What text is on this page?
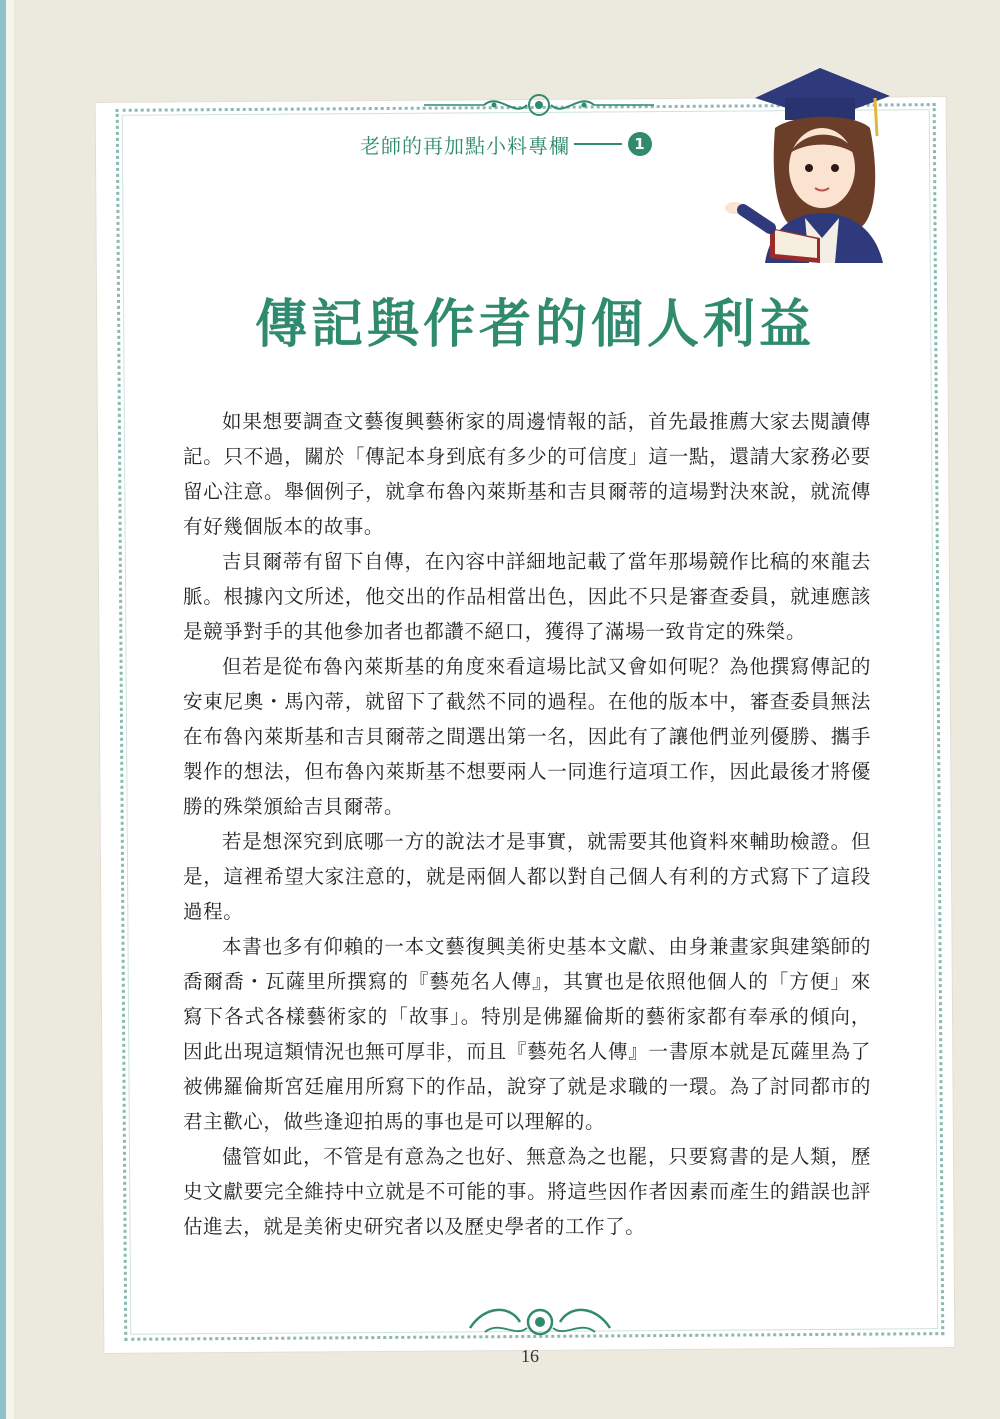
老師的再加點小料專欄	1
傳記與作者的個人利益

如果想要調查文藝復興藝術家的周邊情報的話，首先最推薦大家去閱讀傳記。只不過，關於「傳記本身到底有多少的可信度」這一點，還請大家務必要留心注意。舉個例子，就拿布魯內萊斯基和吉貝爾蒂的這場對決來說，就流傳有好幾個版本的故事。

吉貝爾蒂有留下自傳，在內容中詳細地記載了當年那場競作比稿的來龍去脈。根據內文所述，他交出的作品相當出色，因此不只是審查委員，就連應該是競爭對手的其他參加者也都讚不絕口，獲得了滿場一致肯定的殊榮。

但若是從布魯內萊斯基的角度來看這場比試又會如何呢？為他撰寫傳記的安東尼奧・馬內蒂，就留下了截然不同的過程。在他的版本中，審查委員無法在布魯內萊斯基和吉貝爾蒂之間選出第一名，因此有了讓他們並列優勝、攜手製作的想法，但布魯內萊斯基不想要兩人一同進行這項工作，因此最後才將優勝的殊榮頒給吉貝爾蒂。

若是想深究到底哪一方的說法才是事實，就需要其他資料來輔助檢證。但是，這裡希望大家注意的，就是兩個人都以對自己個人有利的方式寫下了這段過程。

本書也多有仰賴的一本文藝復興美術史基本文獻、由身兼畫家與建築師的喬爾喬・瓦薩里所撰寫的『藝苑名人傳』，其實也是依照他個人的「方便」來寫下各式各樣藝術家的「故事」。特別是佛羅倫斯的藝術家都有奉承的傾向，因此出現這類情況也無可厚非，而且『藝苑名人傳』一書原本就是瓦薩里為了被佛羅倫斯宮廷雇用所寫下的作品，說穿了就是求職的一環。為了討同都市的君主歡心，做些逢迎拍馬的事也是可以理解的。

儘管如此，不管是有意為之也好、無意為之也罷，只要寫書的是人類，歷史文獻要完全維持中立就是不可能的事。將這些因作者因素而產生的錯誤也評估進去，就是美術史研究者以及歷史學者的工作了。

16
